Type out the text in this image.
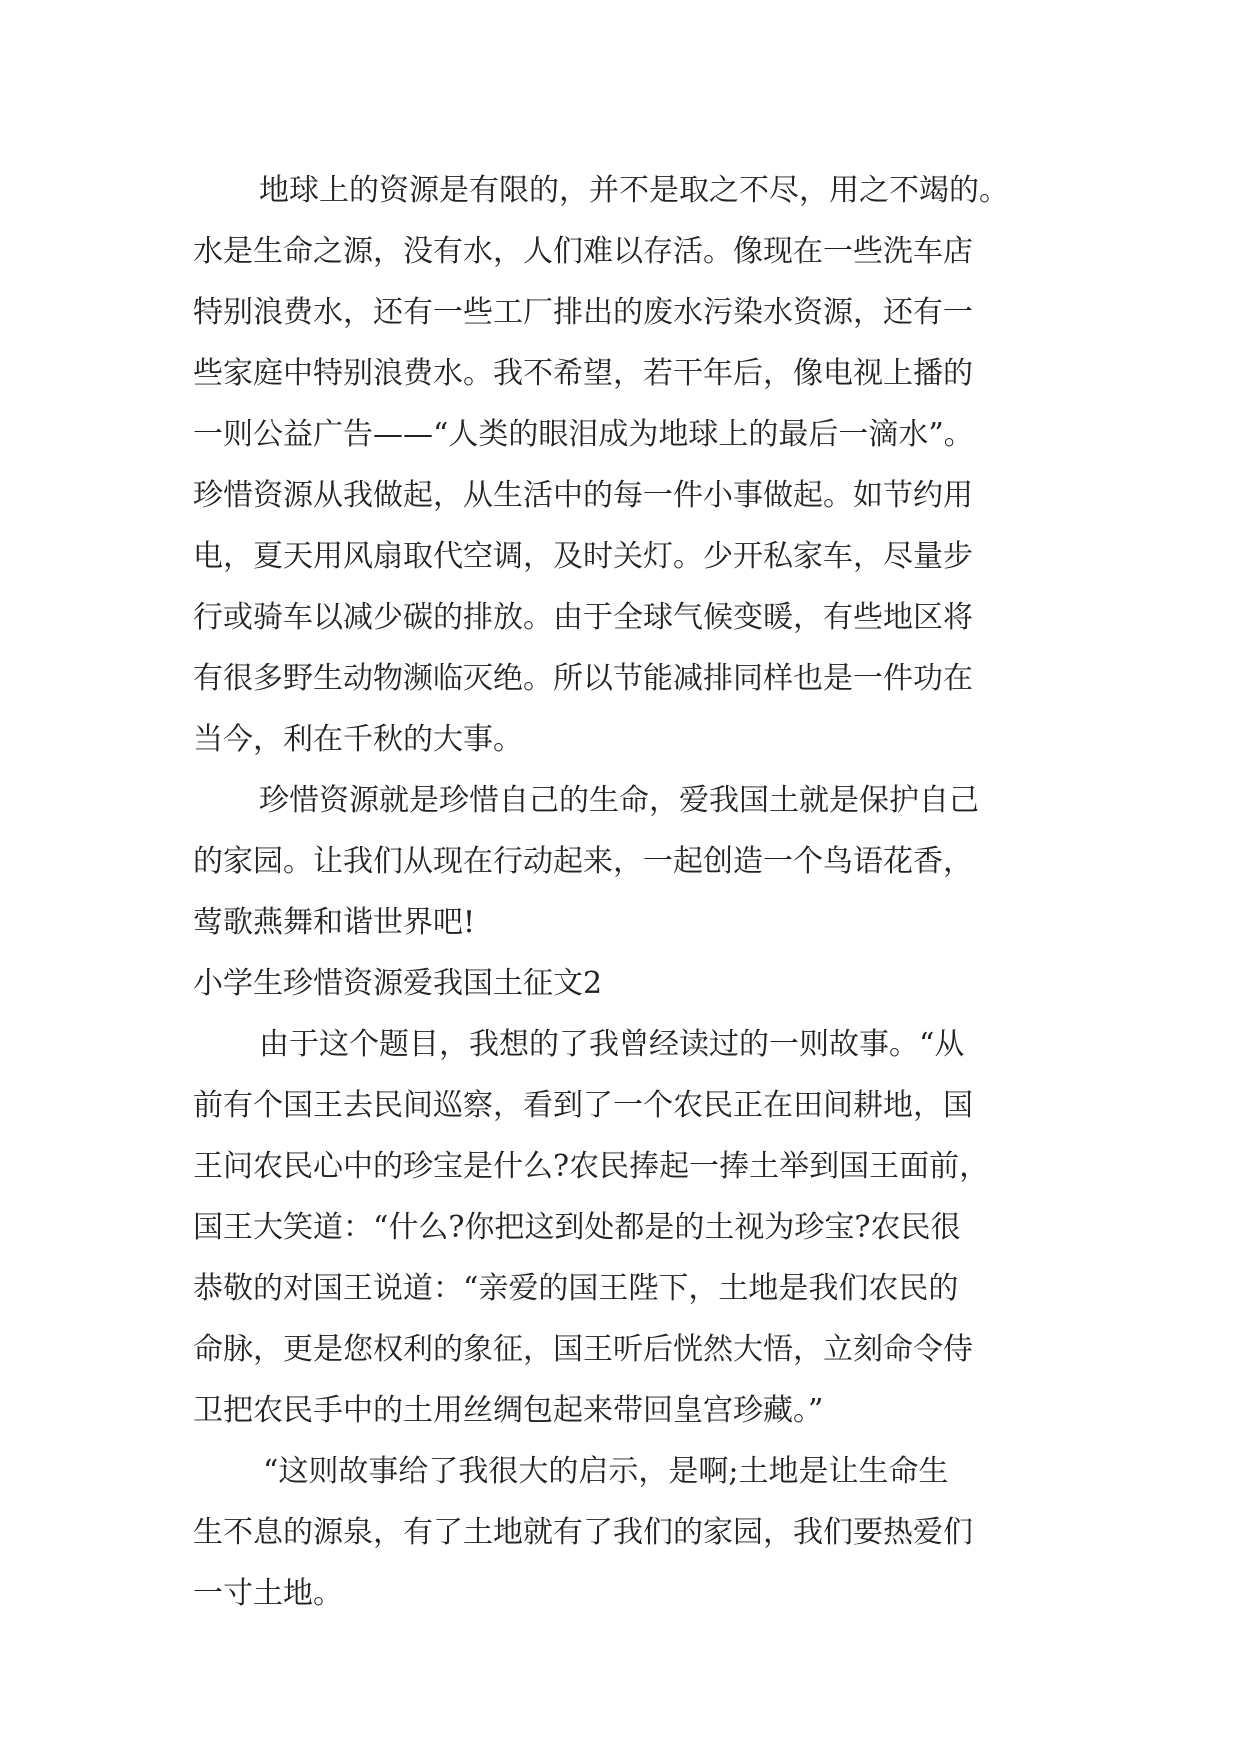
地球上的资源是有限的，并不是取之不尽，用之不竭的。
水是生命之源，没有水，人们难以存活。像现在一些洗车店
特别浪费水，还有一些工厂排出的废水污染水资源，还有一
些家庭中特别浪费水。我不希望，若干年后，像电视上播的
一则公益广告——“人类的眼泪成为地球上的最后一滴水”。
珍惜资源从我做起，从生活中的每一件小事做起。如节约用
电，夏天用风扇取代空调，及时关灯。少开私家车，尽量步
行或骑车以减少碳的排放。由于全球气候变暖，有些地区将
有很多野生动物濒临灭绝。所以节能减排同样也是一件功在
当今，利在千秋的大事。
珍惜资源就是珍惜自己的生命，爱我国土就是保护自己
的家园。让我们从现在行动起来，一起创造一个鸟语花香，
莺歌燕舞和谐世界吧!
小学生珍惜资源爱我国土征文2
由于这个题目，我想的了我曾经读过的一则故事。“从
前有个国王去民间巡察，看到了一个农民正在田间耕地，国
王问农民心中的珍宝是什么?农民捧起一捧土举到国王面前，
国王大笑道：“什么?你把这到处都是的土视为珍宝?农民很
恭敬的对国王说道：“亲爱的国王陛下，土地是我们农民的
命脉，更是您权利的象征，国王听后恍然大悟，立刻命令侍
卫把农民手中的土用丝绸包起来带回皇宫珍藏。”
“这则故事给了我很大的启示，是啊;土地是让生命生
生不息的源泉，有了土地就有了我们的家园，我们要热爱们
一寸土地。
